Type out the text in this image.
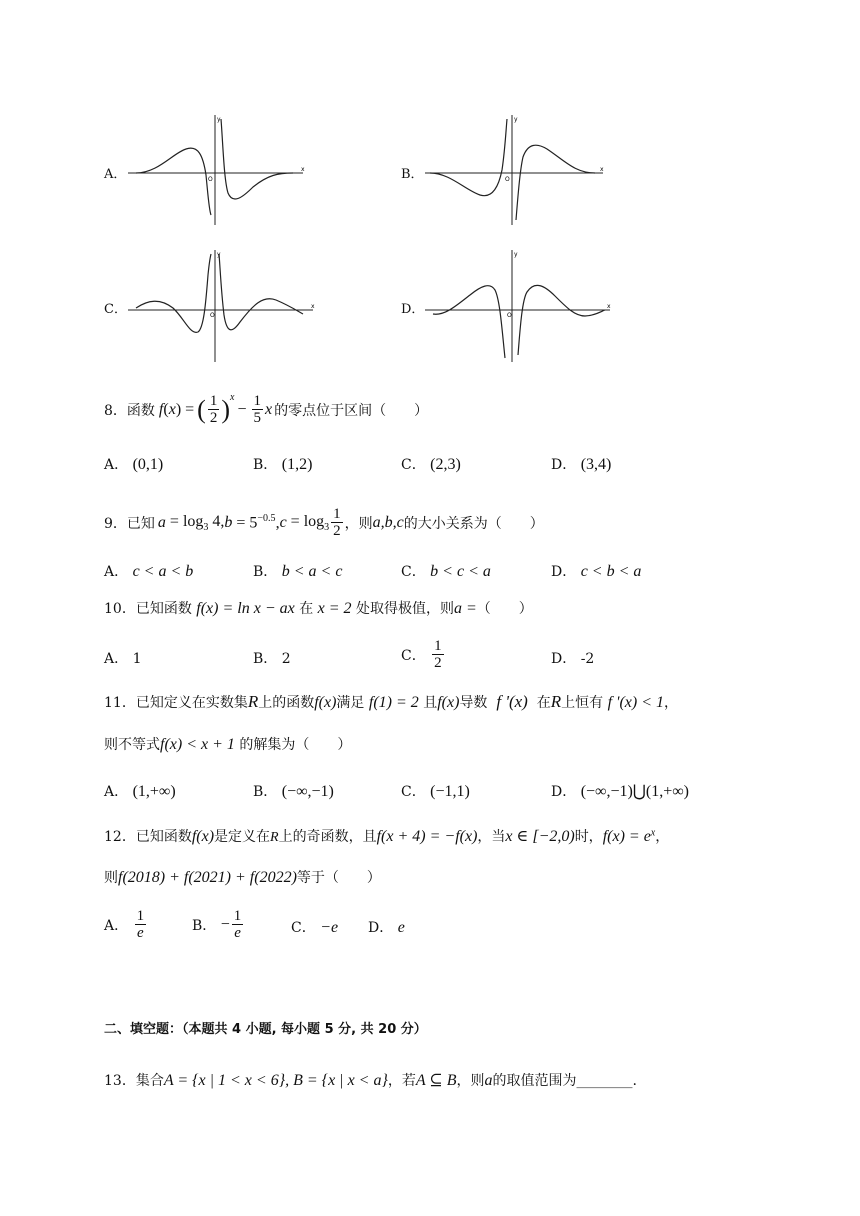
A．	x
y
O	B．	x
y
O
C．	x
y
O	D．	x
y
O
8． 函数 f ( x ) = ( $\frac{1}{2}$ ) x
− $\frac{1}{5}$ x 的零点位于区间（　　）
A． (0,1)	B． (1,2)	C． (2,3)	D． (3,4)
9． 已知 $a = \log_3 4$, $b = 5^{-0.5}$, $c = \log_3 \frac{1}{2}$ ，则 a,b,c 的大小关系为（　　）
A． c < a < b	B． b < a < c	C． b < c < a	D． c < b < a
10．已知函数 f(x) = ln x − ax 在 x = 2 处取得极值，则a =（　　）
A． 1	B． 2	C．
$\frac{1}{2}$	D． -2
11．已知定义在实数集R上的函数f(x)满足 f(1) = 2 且f(x)导数 f '(x) 在R上恒有 f '(x) < 1，
则不等式f(x) < x + 1 的解集为（　　）
A． (1,+∞)	B． (−∞,−1)	C． (−1,1)	D． (−∞,−1)⋃(1,+∞)
12．已知函数f(x)是定义在R上的奇函数，且f(x + 4) = −f(x)，当x ∈ [−2,0)时，$f(x) = e^x$，
则f(2018) + f(2021) + f(2022)等于（　　）
A．
$\frac{1}{e}$	B．
− $\frac{1}{e}$	C． −e D． e
二、填空题：（本题共 4 小题, 每小题 5 分, 共 20 分）
13．集合A = {x | 1 < x < 6}, B = {x | x < a}，若A ⊆ B，则a的取值范围为________.
